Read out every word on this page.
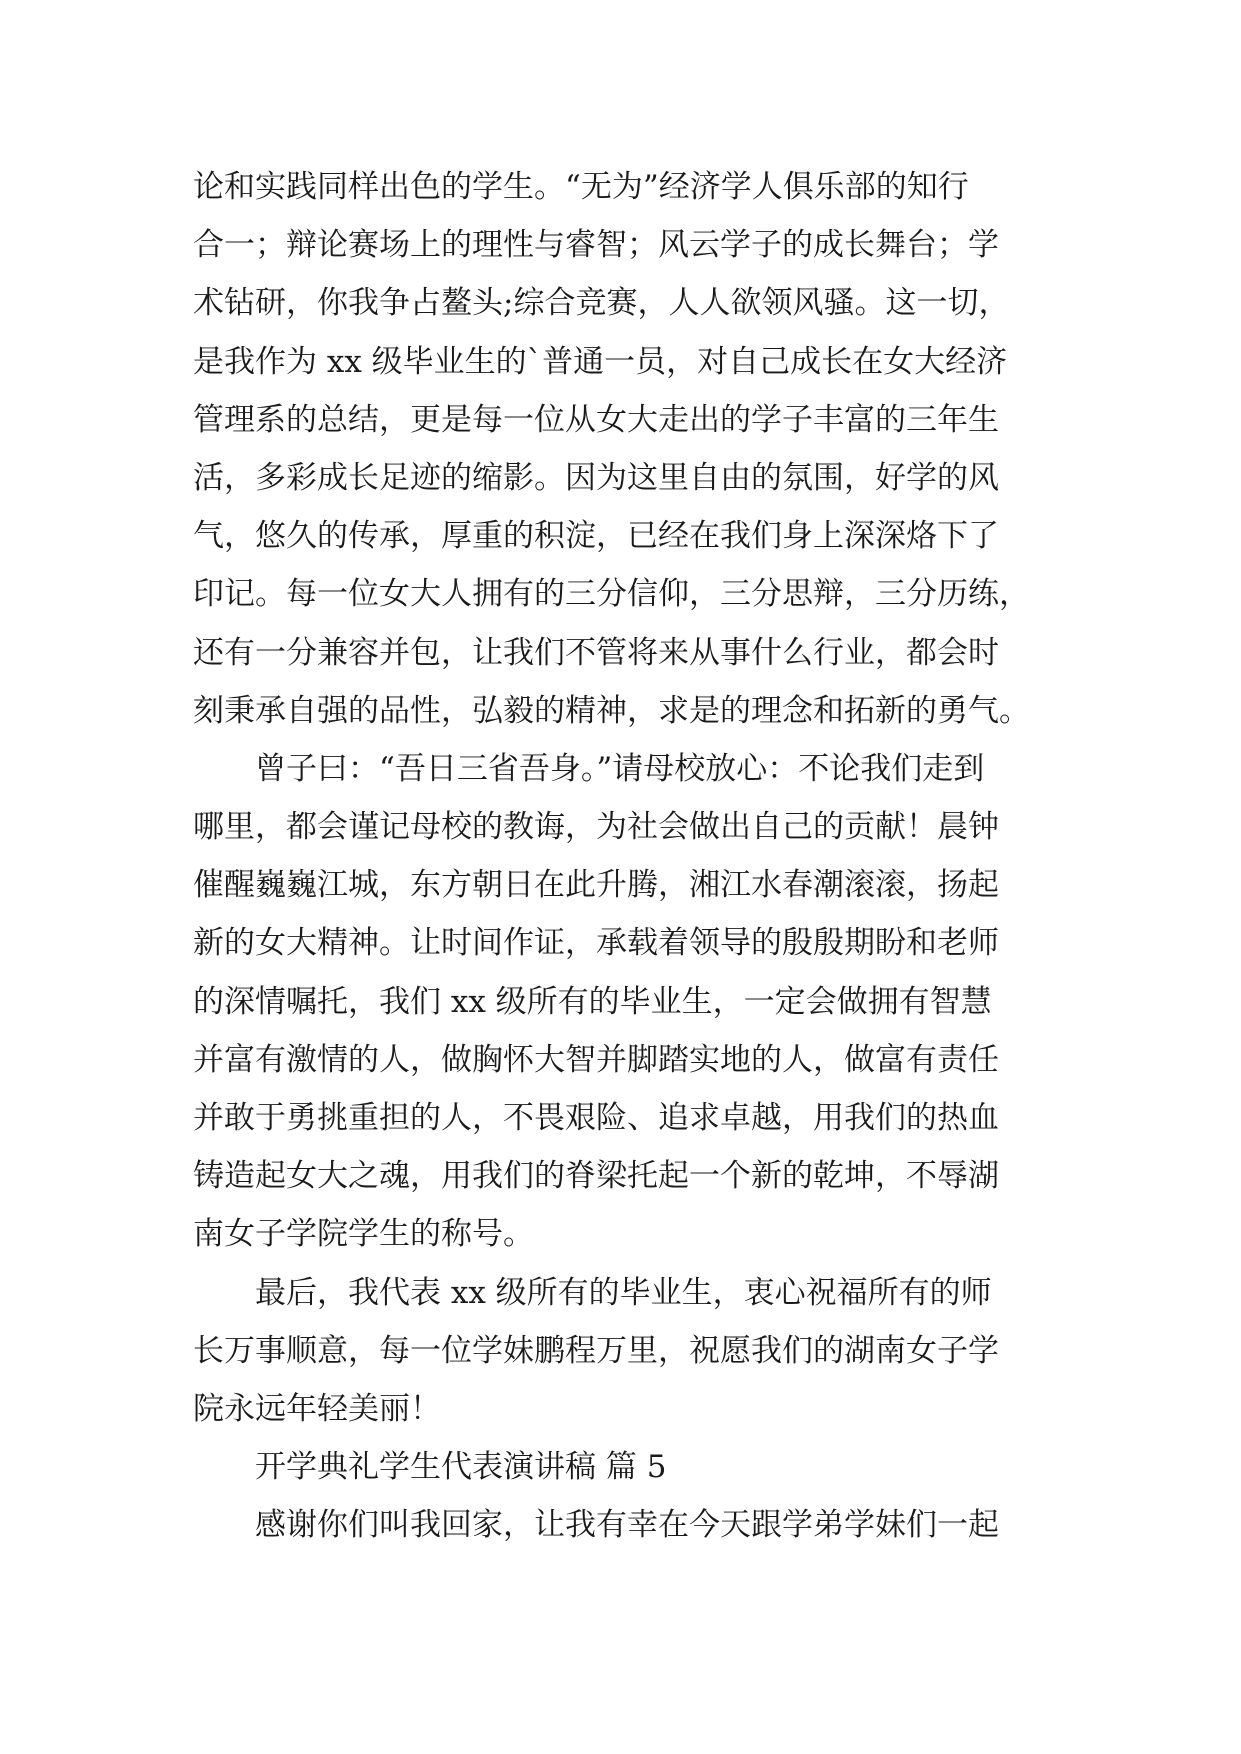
论和实践同样出色的学生。“无为”经济学人俱乐部的知行
合一；辩论赛场上的理性与睿智；风云学子的成长舞台；学
术钻研，你我争占鳌头;综合竞赛，人人欲领风骚。这一切，
是我作为 xx 级毕业生的`普通一员，对自己成长在女大经济
管理系的总结，更是每一位从女大走出的学子丰富的三年生
活，多彩成长足迹的缩影。因为这里自由的氛围，好学的风
气，悠久的传承，厚重的积淀，已经在我们身上深深烙下了
印记。每一位女大人拥有的三分信仰，三分思辩，三分历练，
还有一分兼容并包，让我们不管将来从事什么行业，都会时
刻秉承自强的品性，弘毅的精神，求是的理念和拓新的勇气。
曾子曰：“吾日三省吾身。”请母校放心：不论我们走到
哪里，都会谨记母校的教诲，为社会做出自己的贡献！晨钟
催醒巍巍江城，东方朝日在此升腾，湘江水春潮滚滚，扬起
新的女大精神。让时间作证，承载着领导的殷殷期盼和老师
的深情嘱托，我们 xx 级所有的毕业生，一定会做拥有智慧
并富有激情的人，做胸怀大智并脚踏实地的人，做富有责任
并敢于勇挑重担的人，不畏艰险、追求卓越，用我们的热血
铸造起女大之魂，用我们的脊梁托起一个新的乾坤，不辱湖
南女子学院学生的称号。
最后，我代表 xx 级所有的毕业生，衷心祝福所有的师
长万事顺意，每一位学妹鹏程万里，祝愿我们的湖南女子学
院永远年轻美丽！
开学典礼学生代表演讲稿 篇 5
感谢你们叫我回家，让我有幸在今天跟学弟学妹们一起
